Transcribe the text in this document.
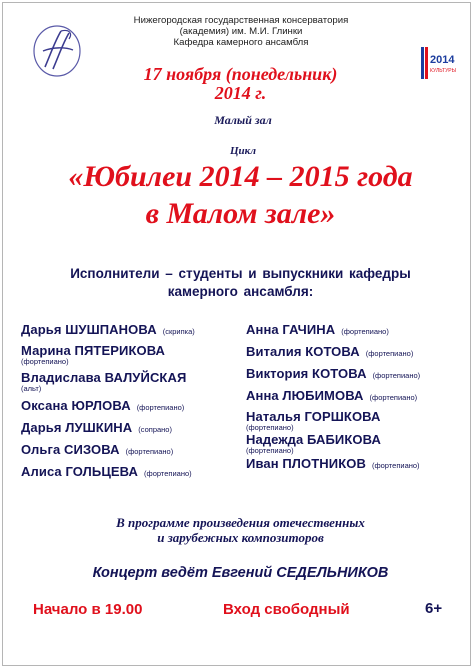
2014
КУЛЬТУРЫ
Нижегородская государственная консерватория
(академия) им. М.И. Глинки
Кафедра камерного ансамбля
17 ноября (понедельник)
2014 г.
Малый зал
Цикл
«Юбилеи 2014 – 2015 года
в Малом зале»
Исполнители – студенты и выпускники кафедры
камерного ансамбля:
Дарья ШУШПАНОВА (скрипка)
Марина ПЯТЕРИКОВА
(фортепиано)
Владислава ВАЛУЙСКАЯ
(альт)
Оксана ЮРЛОВА (фортепиано)
Дарья ЛУШКИНА (сопрано)
Ольга СИЗОВА (фортепиано)
Алиса ГОЛЬЦЕВА (фортепиано)
Анна ГАЧИНА (фортепиано)
Виталия КОТОВА (фортепиано)
Виктория КОТОВА (фортепиано)
Анна ЛЮБИМОВА (фортепиано)
Наталья ГОРШКОВА
(фортепиано)
Надежда БАБИКОВА
(фортепиано)
Иван ПЛОТНИКОВ (фортепиано)
В программе произведения отечественных
и зарубежных композиторов
Концерт ведёт Евгений СЕДЕЛЬНИКОВ
Начало в 19.00	Вход свободный	6+
